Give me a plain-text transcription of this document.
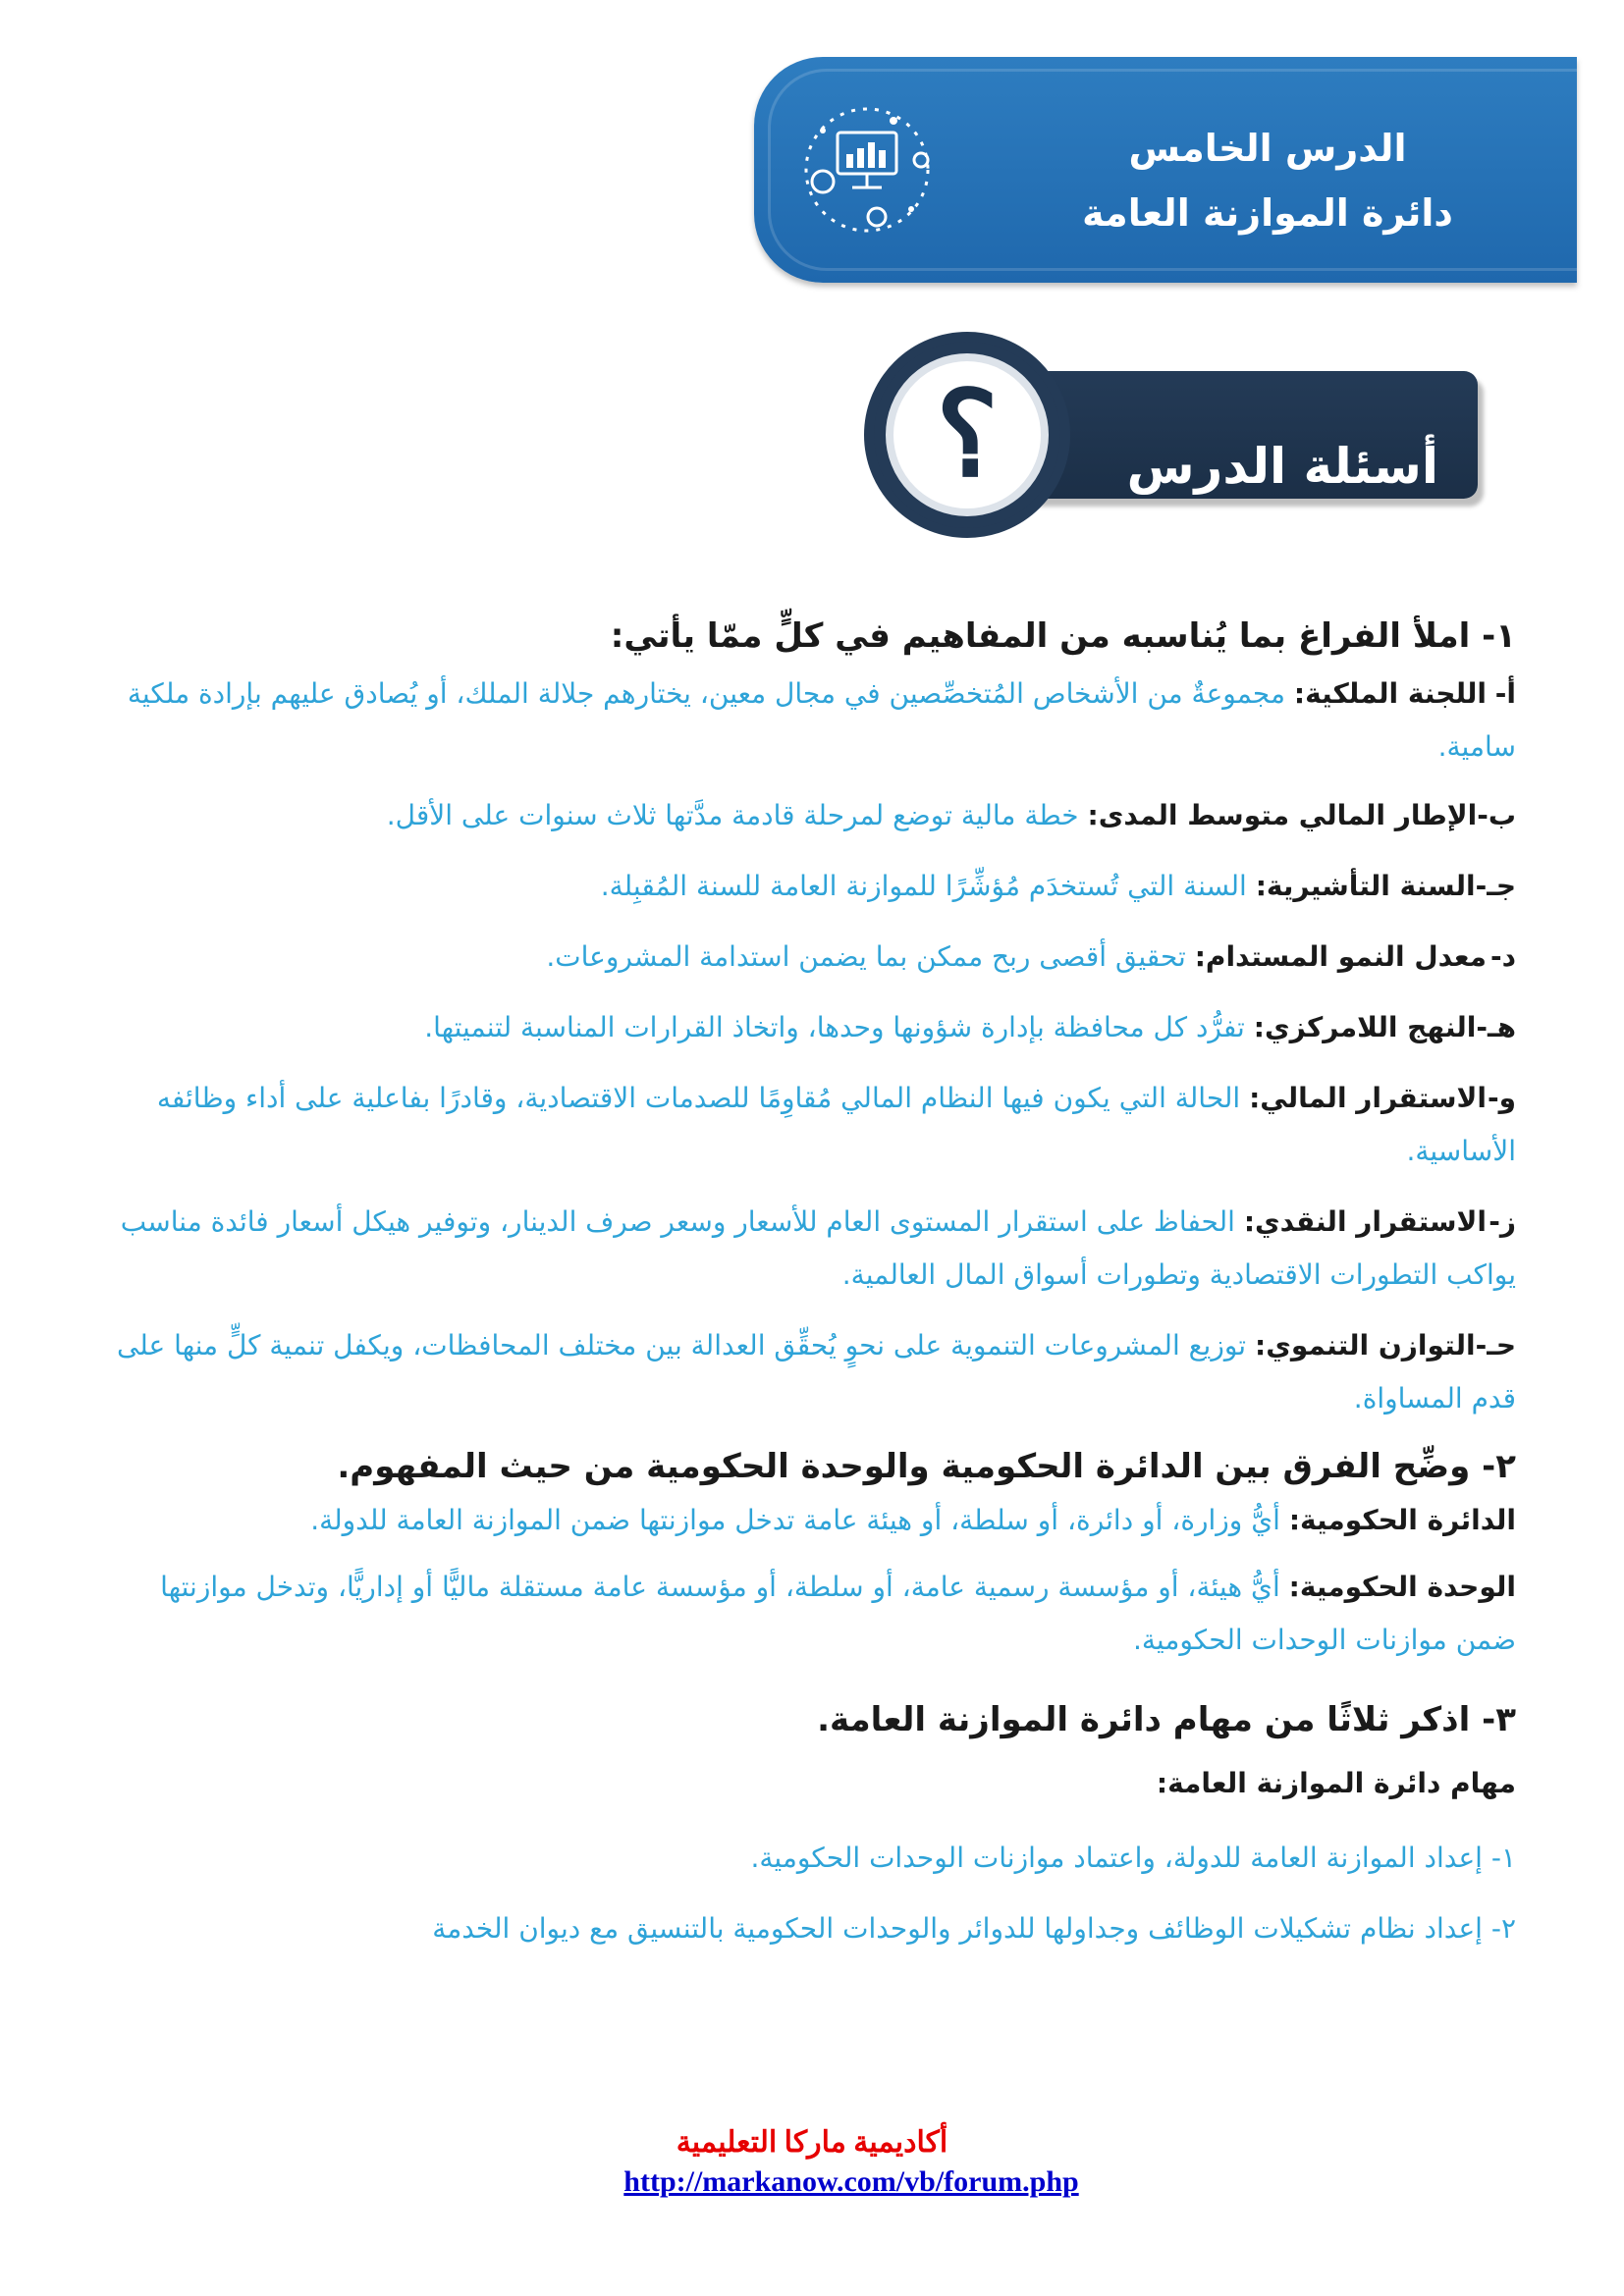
الدرس الخامس
دائرة الموازنة العامة
أسئلة الدرس
؟
١- املأ الفراغ بما يُناسبه من المفاهيم في كلٍّ ممّا يأتي:
أ-اللجنة الملكية: مجموعةٌ من الأشخاص المُتخصِّصين في مجال معين، يختارهم جلالة الملك، أو يُصادق عليهم بإرادة ملكية سامية.
ب-الإطار المالي متوسط المدى: خطة مالية توضع لمرحلة قادمة مدَّتها ثلاث سنوات على الأقل.
جـ-السنة التأشيرية: السنة التي تُستخدَم مُؤشِّرًا للموازنة العامة للسنة المُقبِلة.
د-معدل النمو المستدام: تحقيق أقصى ربح ممكن بما يضمن استدامة المشروعات.
هـ-النهج اللامركزي: تفرُّد كل محافظة بإدارة شؤونها وحدها، واتخاذ القرارات المناسبة لتنميتها.
و-الاستقرار المالي: الحالة التي يكون فيها النظام المالي مُقاوِمًا للصدمات الاقتصادية، وقادرًا بفاعلية على أداء وظائفه الأساسية.
ز-الاستقرار النقدي: الحفاظ على استقرار المستوى العام للأسعار وسعر صرف الدينار، وتوفير هيكل أسعار فائدة مناسب يواكب التطورات الاقتصادية وتطورات أسواق المال العالمية.
حـ-التوازن التنموي: توزيع المشروعات التنموية على نحوٍ يُحقِّق العدالة بين مختلف المحافظات، ويكفل تنمية كلٍّ منها على قدم المساواة.
٢- وضِّح الفرق بين الدائرة الحكومية والوحدة الحكومية من حيث المفهوم.
الدائرة الحكومية: أيُّ وزارة، أو دائرة، أو سلطة، أو هيئة عامة تدخل موازنتها ضمن الموازنة العامة للدولة.
الوحدة الحكومية: أيُّ هيئة، أو مؤسسة رسمية عامة، أو سلطة، أو مؤسسة عامة مستقلة ماليًّا أو إداريًّا، وتدخل موازنتها ضمن موازنات الوحدات الحكومية.
٣- اذكر ثلاثًا من مهام دائرة الموازنة العامة.
مهام دائرة الموازنة العامة:
١- إعداد الموازنة العامة للدولة، واعتماد موازنات الوحدات الحكومية.
٢- إعداد نظام تشكيلات الوظائف وجداولها للدوائر والوحدات الحكومية بالتنسيق مع ديوان الخدمة
أكاديمية ماركا التعليمية
http://markanow.com/vb/forum.php
